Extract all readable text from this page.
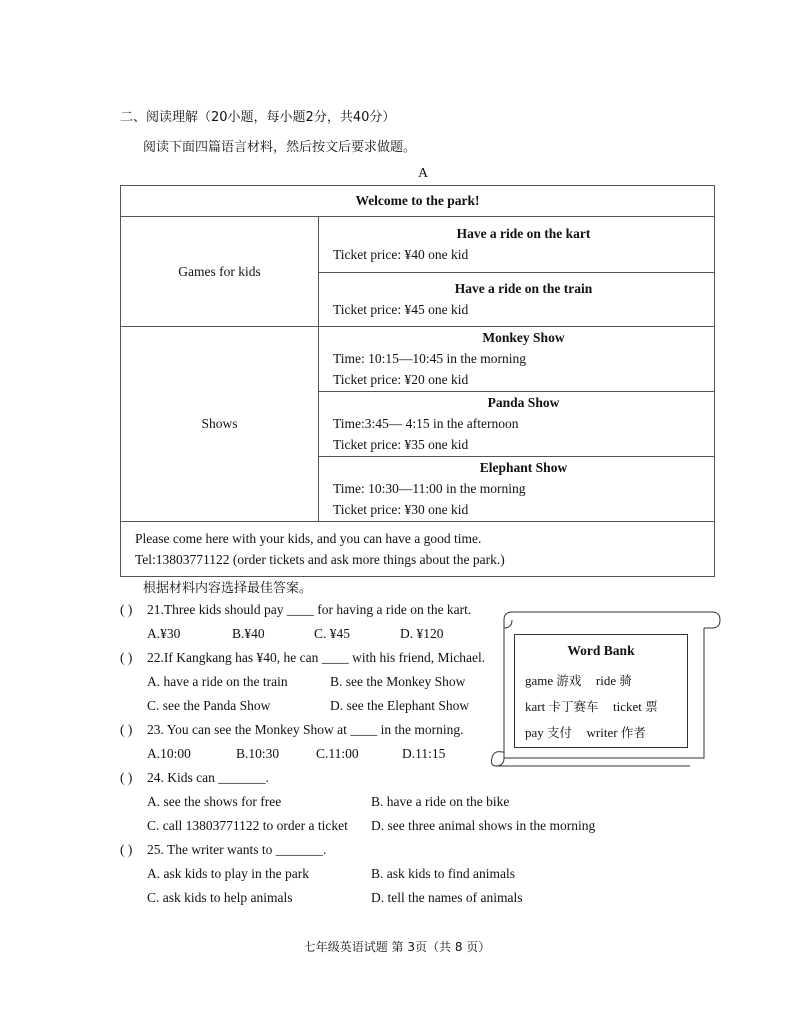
二、阅读理解（20小题，每小题2分，共40分）
阅读下面四篇语言材料，然后按文后要求做题。
A
Welcome to the park!	
Games for kids	Have a ride on the kart
Ticket price: ¥40 one kid

	Have a ride on the train
Ticket price: ¥45 one kid

Shows	Monkey Show
Time: 10:15—10:45 in the morning
Ticket price: ¥20 one kid

	Panda Show
Time:3:45— 4:15 in the afternoon
Ticket price: ¥35 one kid

	Elephant Show
Time: 10:30—11:00 in the morning
Ticket price: ¥30 one kid

Please come here with your kids, and you can have a good time.
Tel:13803771122 (order tickets and ask more things about the park.)	
根据材料内容选择最佳答案。
( ) 21.Three kids should pay ____ for having a ride on the kart.
A.¥30	B.¥40	C. ¥45	D. ¥120
( ) 22.If Kangkang has ¥40, he can ____ with his friend, Michael.
A. have a ride on the train	B. see the Monkey Show
C. see the Panda Show	D. see the Elephant Show
( ) 23. You can see the Monkey Show at ____ in the morning.
A.10:00	B.10:30	C.11:00	D.11:15
( ) 24. Kids can _______.
A. see the shows for free	B. have a ride on the bike
C. call 13803771122 to order a ticket D. see three animal shows in the morning
( ) 25. The writer wants to _______.
A. ask kids to play in the park	B. ask kids to find animals
C. ask kids to help animals	D. tell the names of animals
Word Bank
game 游戏 ride 骑
kart 卡丁赛车 ticket 票
pay 支付 writer 作者
七年级英语试题 第 3页（共 8 页）
